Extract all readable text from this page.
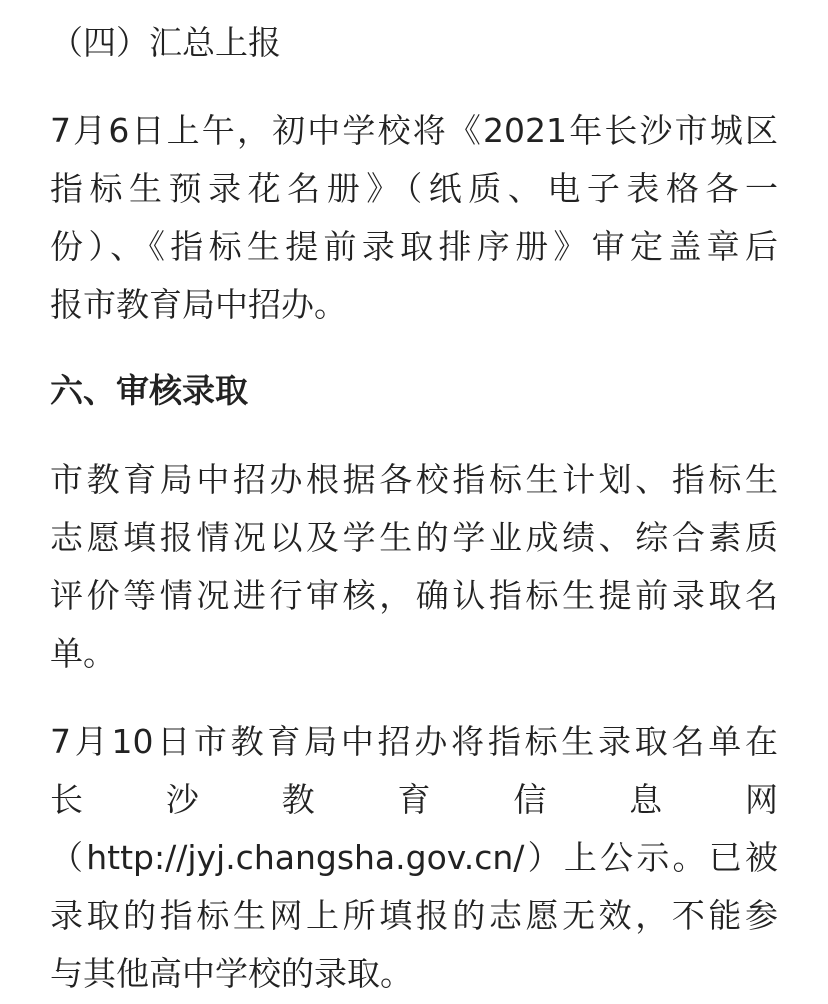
（四）汇总上报
7月6日上午，初中学校将《2021年长沙市城区
指标生预录花名册》（纸质、电子表格各一
份）、《指标生提前录取排序册》审定盖章后
报市教育局中招办。
六、审核录取
市教育局中招办根据各校指标生计划、指标生
志愿填报情况以及学生的学业成绩、综合素质
评价等情况进行审核，确认指标生提前录取名
单。
7月10日市教育局中招办将指标生录取名单在
长沙教育信息网
（http://jyj.changsha.gov.cn/）上公示。已被
录取的指标生网上所填报的志愿无效，不能参
与其他高中学校的录取。
